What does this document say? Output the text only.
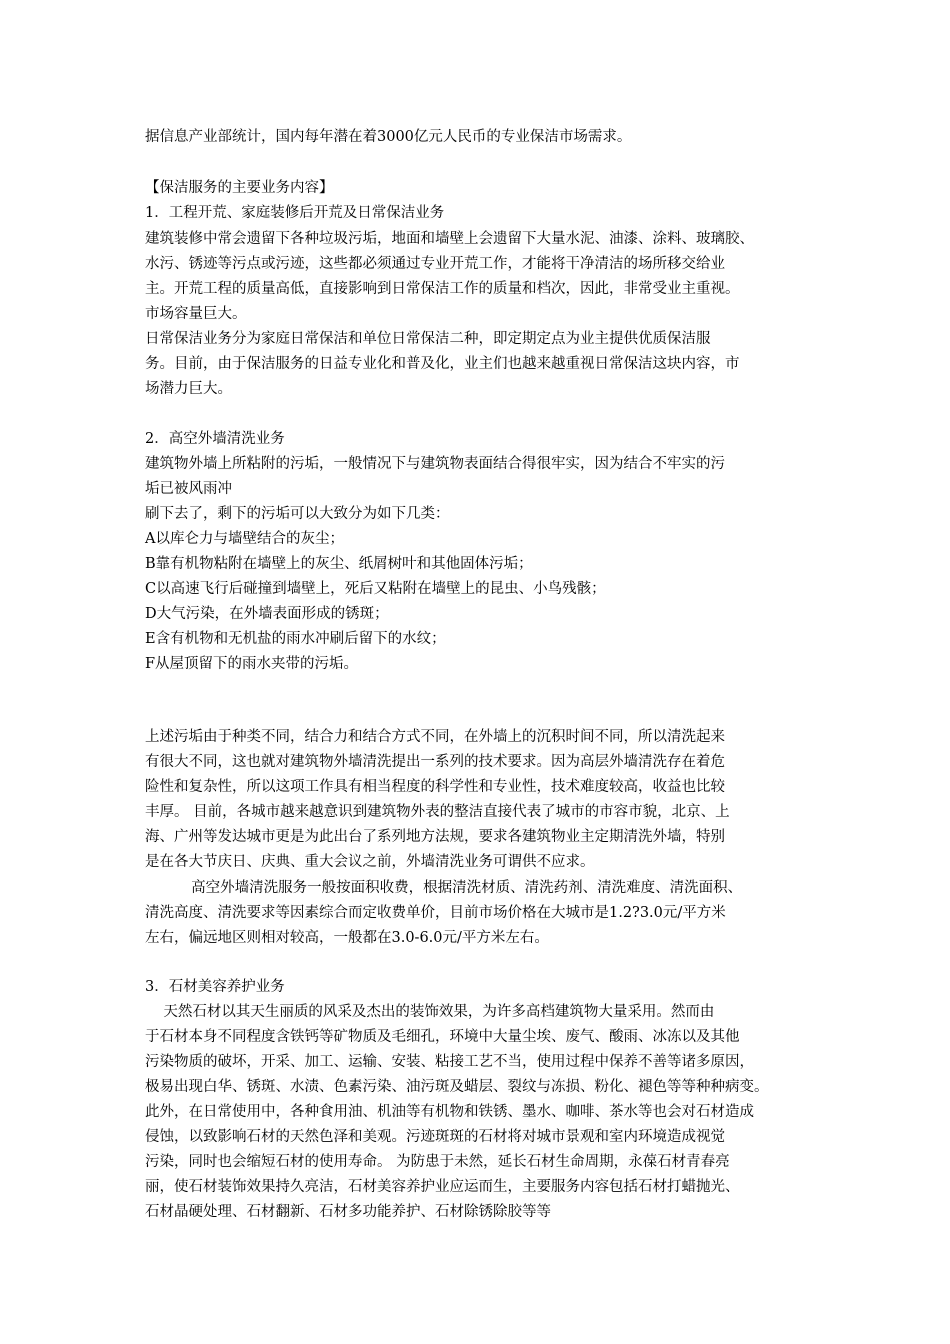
据信息产业部统计，国内每年潜在着3000亿元人民币的专业保洁市场需求。
【保洁服务的主要业务内容】
1．工程开荒、家庭装修后开荒及日常保洁业务
建筑装修中常会遗留下各种垃圾污垢，地面和墙壁上会遗留下大量水泥、油漆、涂料、玻璃胶、
水污、锈迹等污点或污迹，这些都必须通过专业开荒工作，才能将干净清洁的场所移交给业
主。开荒工程的质量高低，直接影响到日常保洁工作的质量和档次，因此，非常受业主重视。
市场容量巨大。
日常保洁业务分为家庭日常保洁和单位日常保洁二种，即定期定点为业主提供优质保洁服
务。目前，由于保洁服务的日益专业化和普及化，业主们也越来越重视日常保洁这块内容，市
场潜力巨大。
2．高空外墙清洗业务
建筑物外墙上所粘附的污垢，一般情况下与建筑物表面结合得很牢实，因为结合不牢实的污
垢已被风雨冲
刷下去了，剩下的污垢可以大致分为如下几类：
A以库仑力与墙壁结合的灰尘；
B靠有机物粘附在墙壁上的灰尘、纸屑树叶和其他固体污垢；
C以高速飞行后碰撞到墙壁上，死后又粘附在墙壁上的昆虫、小鸟残骸；
D大气污染，在外墙表面形成的锈斑；
E含有机物和无机盐的雨水冲刷后留下的水纹；
F从屋顶留下的雨水夹带的污垢。
上述污垢由于种类不同，结合力和结合方式不同，在外墙上的沉积时间不同，所以清洗起来
有很大不同，这也就对建筑物外墙清洗提出一系列的技术要求。因为高层外墙清洗存在着危
险性和复杂性，所以这项工作具有相当程度的科学性和专业性，技术难度较高，收益也比较
丰厚。 目前，各城市越来越意识到建筑物外表的整洁直接代表了城市的市容市貌，北京、上
海、广州等发达城市更是为此出台了系列地方法规，要求各建筑物业主定期清洗外墙，特别
是在各大节庆日、庆典、重大会议之前，外墙清洗业务可谓供不应求。
高空外墙清洗服务一般按面积收费，根据清洗材质、清洗药剂、清洗难度、清洗面积、
清洗高度、清洗要求等因素综合而定收费单价，目前市场价格在大城市是1.2?3.0元/平方米
左右，偏远地区则相对较高，一般都在3.0-6.0元/平方米左右。
3．石材美容养护业务
天然石材以其天生丽质的风采及杰出的装饰效果，为许多高档建筑物大量采用。然而由
于石材本身不同程度含铁钙等矿物质及毛细孔，环境中大量尘埃、废气、酸雨、冰冻以及其他
污染物质的破坏，开采、加工、运输、安装、粘接工艺不当，使用过程中保养不善等诸多原因，
极易出现白华、锈斑、水渍、色素污染、油污斑及蜡层、裂纹与冻损、粉化、褪色等等种种病变。
此外，在日常使用中，各种食用油、机油等有机物和铁锈、墨水、咖啡、茶水等也会对石材造成
侵蚀，以致影响石材的天然色泽和美观。污迹斑斑的石材将对城市景观和室内环境造成视觉
污染，同时也会缩短石材的使用寿命。 为防患于未然，延长石材生命周期，永葆石材青春亮
丽，使石材装饰效果持久亮洁，石材美容养护业应运而生，主要服务内容包括石材打蜡抛光、
石材晶硬处理、石材翻新、石材多功能养护、石材除锈除胶等等
